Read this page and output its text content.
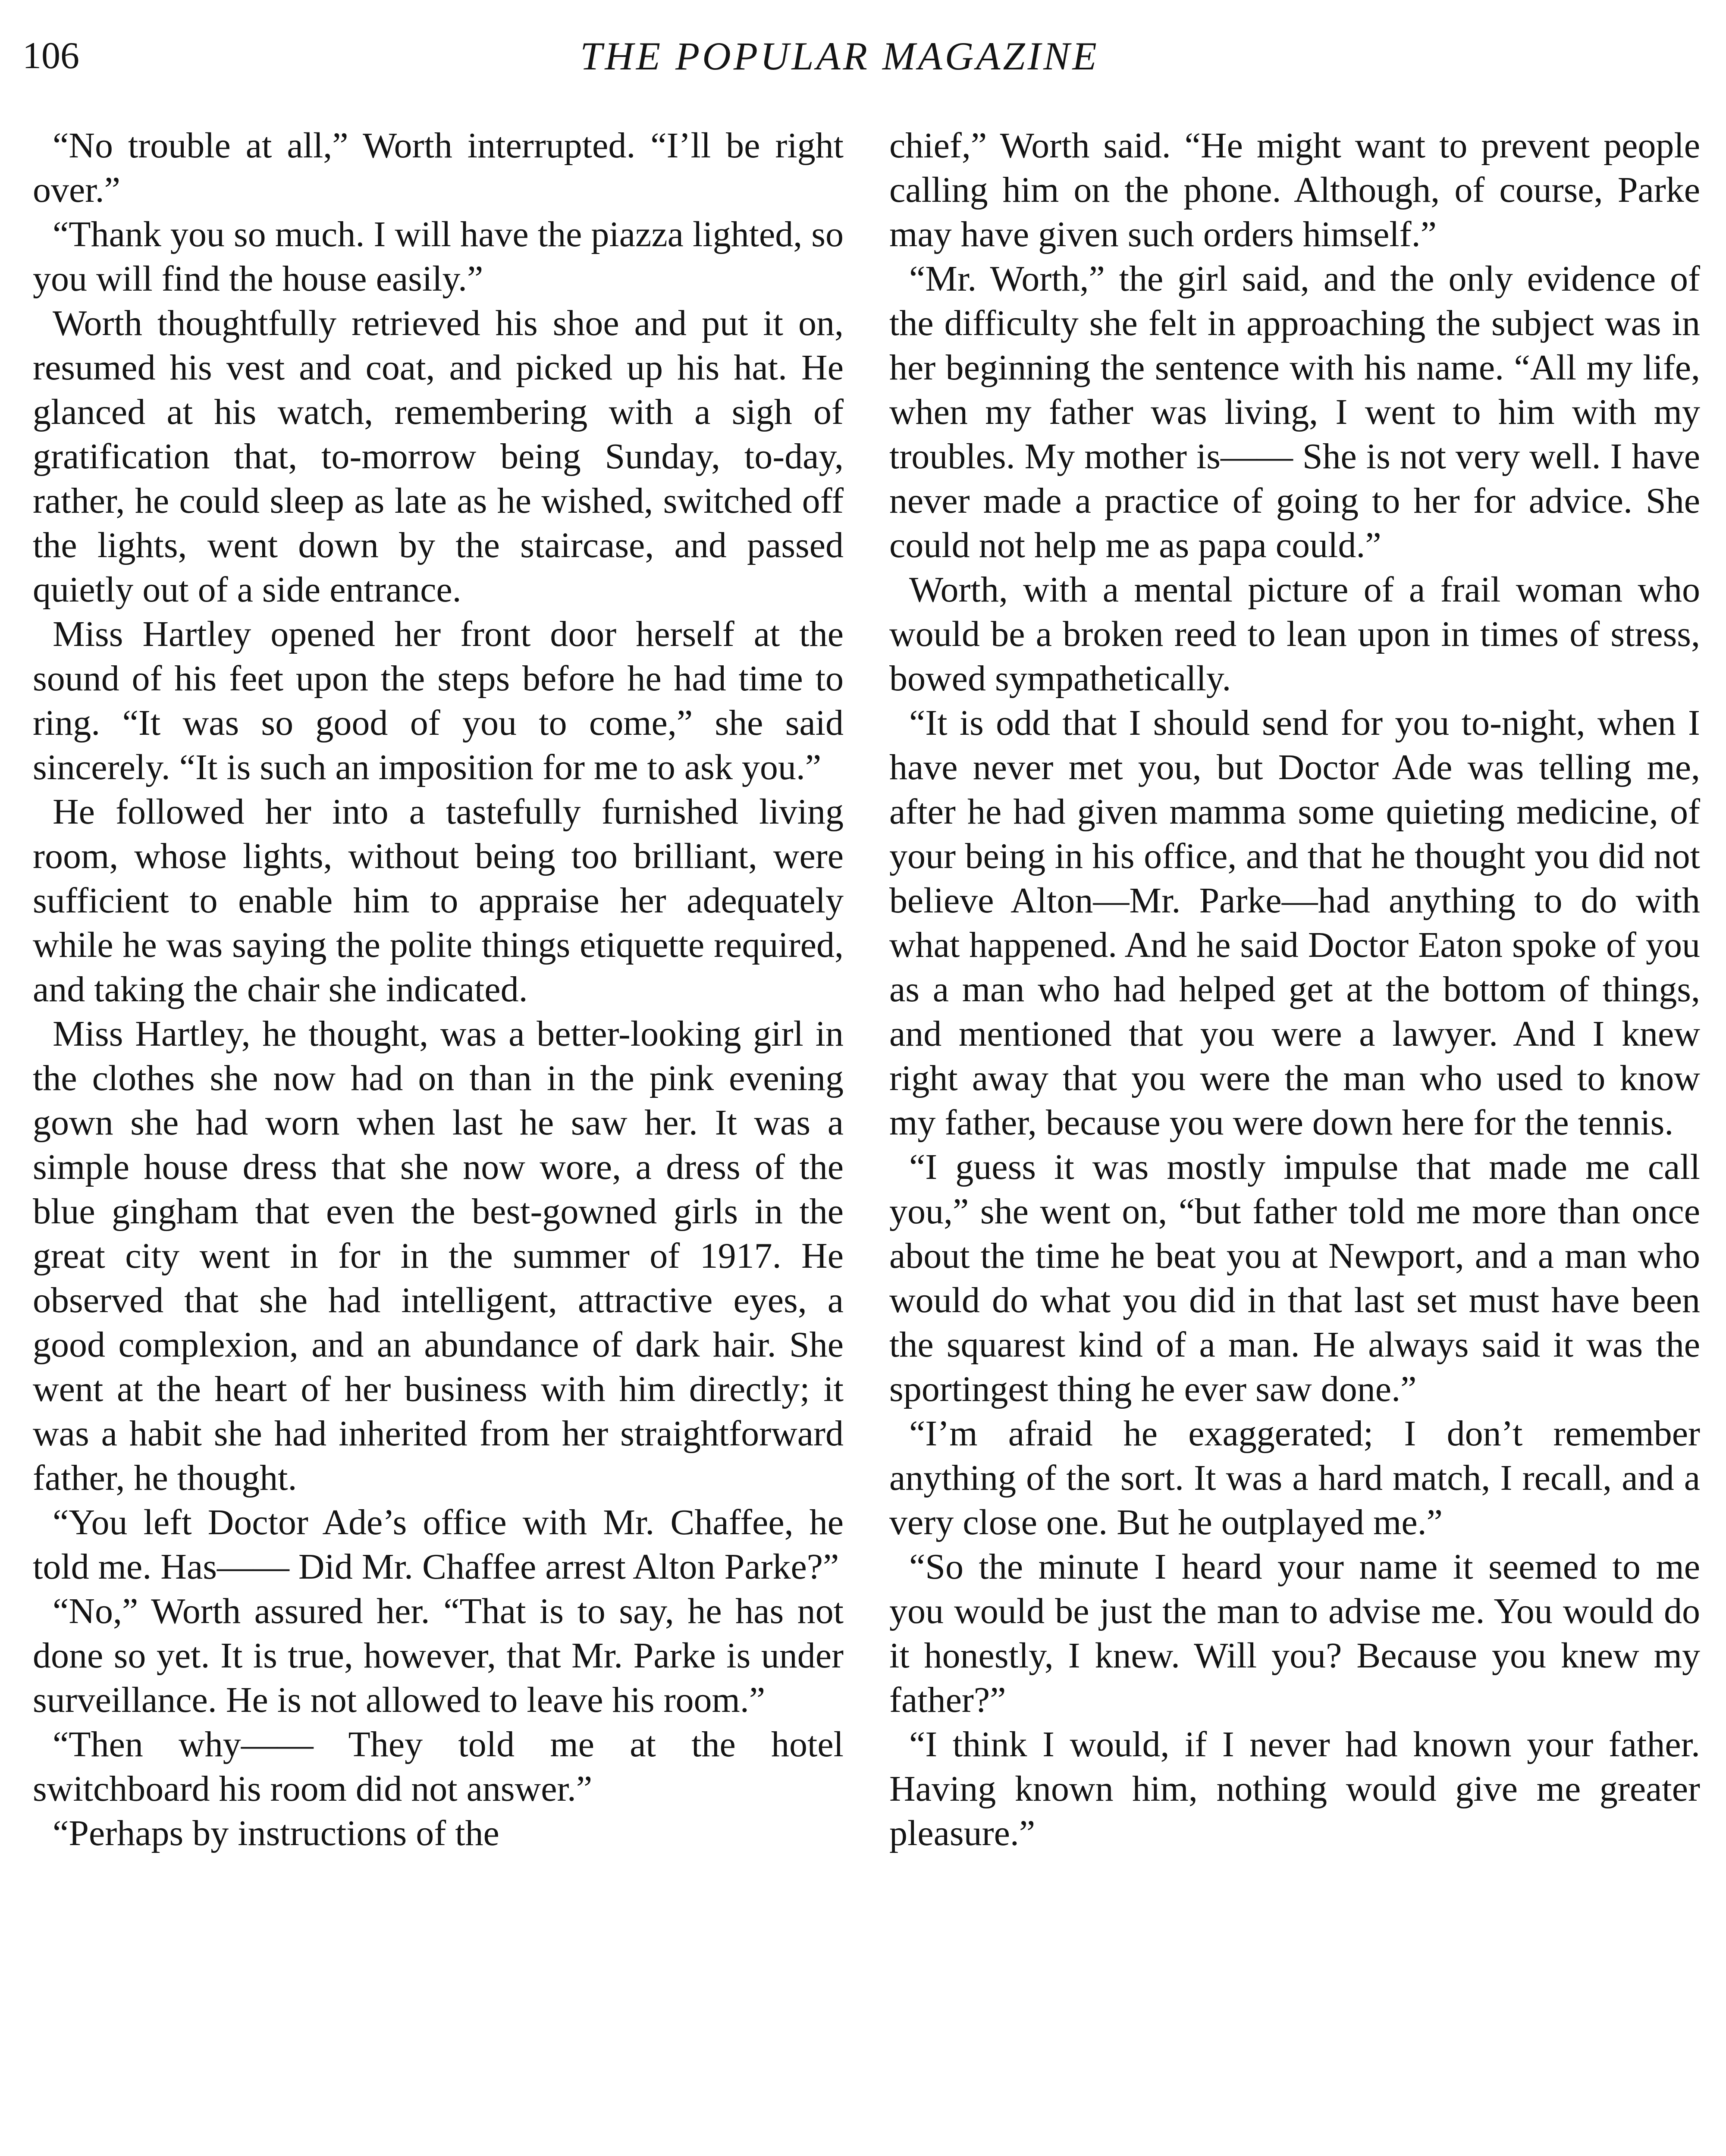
THE POPULAR MAGAZINE
106

“No trouble at all,” Worth interrupted. “I’ll be right over.”

“Thank you so much. I will have the piazza lighted, so you will find the house easily.”

Worth thoughtfully retrieved his shoe and put it on, resumed his vest and coat, and picked up his hat. He glanced at his watch, remembering with a sigh of gratification that, to-morrow being Sunday, to-day, rather, he could sleep as late as he wished, switched off the lights, went down by the staircase, and passed quietly out of a side entrance.

Miss Hartley opened her front door herself at the sound of his feet upon the steps before he had time to ring. “It was so good of you to come,” she said sincerely. “It is such an imposition for me to ask you.”

He followed her into a tastefully furnished living room, whose lights, without being too brilliant, were sufficient to enable him to appraise her adequately while he was saying the polite things etiquette required, and taking the chair she indicated.

Miss Hartley, he thought, was a better-looking girl in the clothes she now had on than in the pink evening gown she had worn when last he saw her. It was a simple house dress that she now wore, a dress of the blue gingham that even the best-gowned girls in the great city went in for in the summer of 1917. He observed that she had intelligent, attractive eyes, a good complexion, and an abundance of dark hair. She went at the heart of her business with him directly; it was a habit she had inherited from her straightforward father, he thought.

“You left Doctor Ade’s office with Mr. Chaffee, he told me. Has—— Did Mr. Chaffee arrest Alton Parke?”

“No,” Worth assured her. “That is to say, he has not done so yet. It is true, however, that Mr. Parke is under surveillance. He is not allowed to leave his room.”

“Then why—— They told me at the hotel switchboard his room did not answer.”

“Perhaps by instructions of the

chief,” Worth said. “He might want to prevent people calling him on the phone. Although, of course, Parke may have given such orders himself.”

“Mr. Worth,” the girl said, and the only evidence of the difficulty she felt in approaching the subject was in her beginning the sentence with his name. “All my life, when my father was living, I went to him with my troubles. My mother is—— She is not very well. I have never made a practice of going to her for advice. She could not help me as papa could.”

Worth, with a mental picture of a frail woman who would be a broken reed to lean upon in times of stress, bowed sympathetically.

“It is odd that I should send for you to-night, when I have never met you, but Doctor Ade was telling me, after he had given mamma some quieting medicine, of your being in his office, and that he thought you did not believe Alton—Mr. Parke—had anything to do with what happened. And he said Doctor Eaton spoke of you as a man who had helped get at the bottom of things, and mentioned that you were a lawyer. And I knew right away that you were the man who used to know my father, because you were down here for the tennis.

“I guess it was mostly impulse that made me call you,” she went on, “but father told me more than once about the time he beat you at Newport, and a man who would do what you did in that last set must have been the squarest kind of a man. He always said it was the sportingest thing he ever saw done.”

“I’m afraid he exaggerated; I don’t remember anything of the sort. It was a hard match, I recall, and a very close one. But he outplayed me.”

“So the minute I heard your name it seemed to me you would be just the man to advise me. You would do it honestly, I knew. Will you? Because you knew my father?”

“I think I would, if I never had known your father. Having known him, nothing would give me greater pleasure.”
